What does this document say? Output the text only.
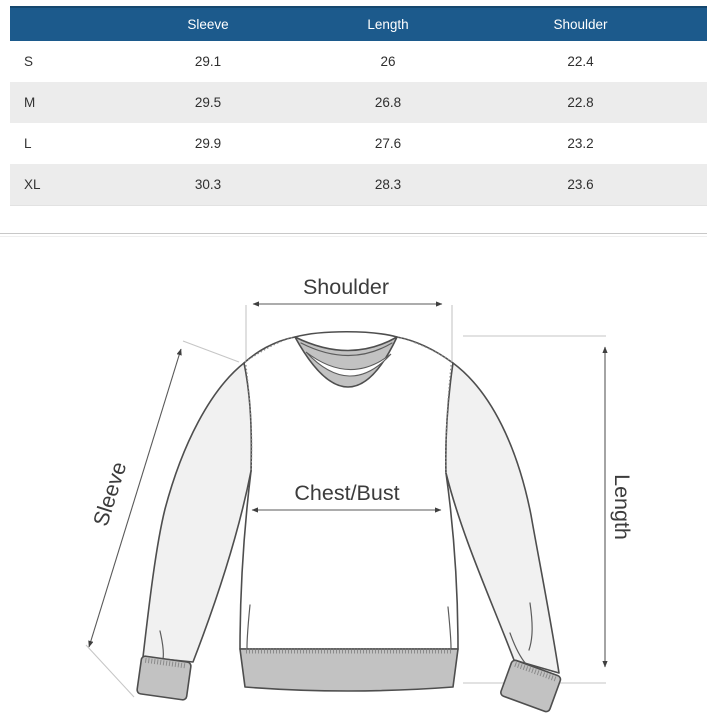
	Sleeve	Length	Shoulder
S	29.1	26	22.4
M	29.5	26.8	22.8
L	29.9	27.6	23.2
XL	30.3	28.3	23.6
Shoulder
Chest/Bust
Sleeve	Length
